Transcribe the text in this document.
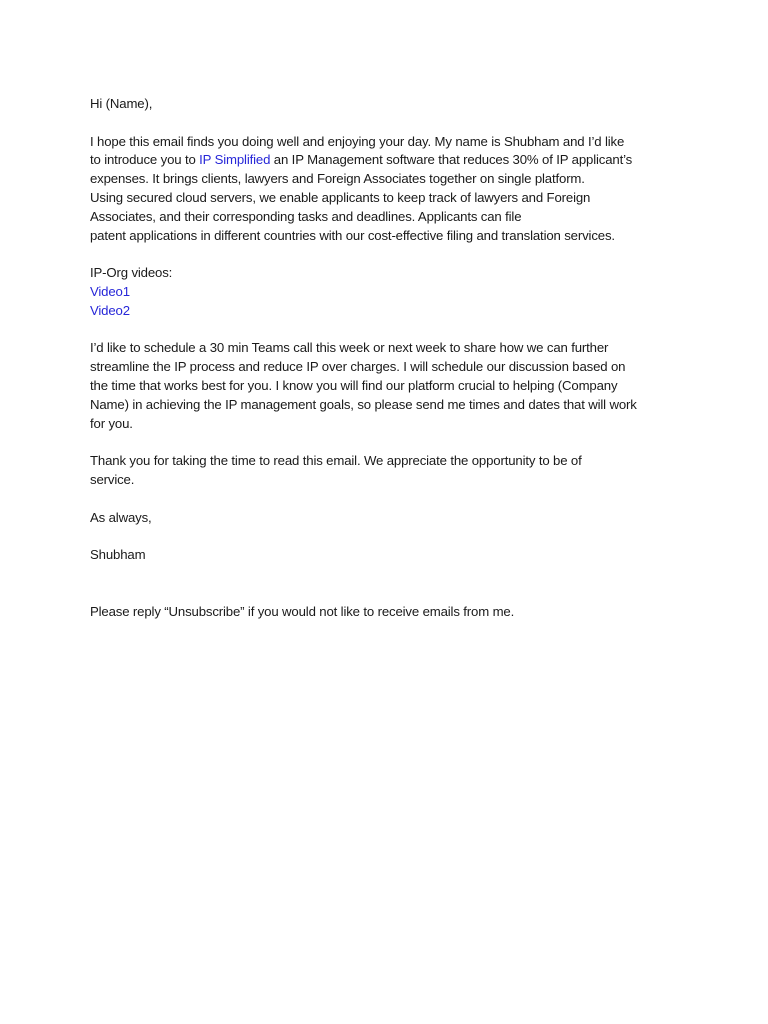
Hi (Name),
I hope this email finds you doing well and enjoying your day. My name is Shubham and I’d like
to introduce you to IP Simplified an IP Management software that reduces 30% of IP applicant’s
expenses. It brings clients, lawyers and Foreign Associates together on single platform.
Using secured cloud servers, we enable applicants to keep track of lawyers and Foreign
Associates, and their corresponding tasks and deadlines. Applicants can file
patent applications in different countries with our cost-effective filing and translation services.
IP-Org videos:
Video1
Video2
I’d like to schedule a 30 min Teams call this week or next week to share how we can further
streamline the IP process and reduce IP over charges. I will schedule our discussion based on
the time that works best for you. I know you will find our platform crucial to helping (Company
Name) in achieving the IP management goals, so please send me times and dates that will work
for you.
Thank you for taking the time to read this email. We appreciate the opportunity to be of
service.
As always,
Shubham
Please reply “Unsubscribe” if you would not like to receive emails from me.
